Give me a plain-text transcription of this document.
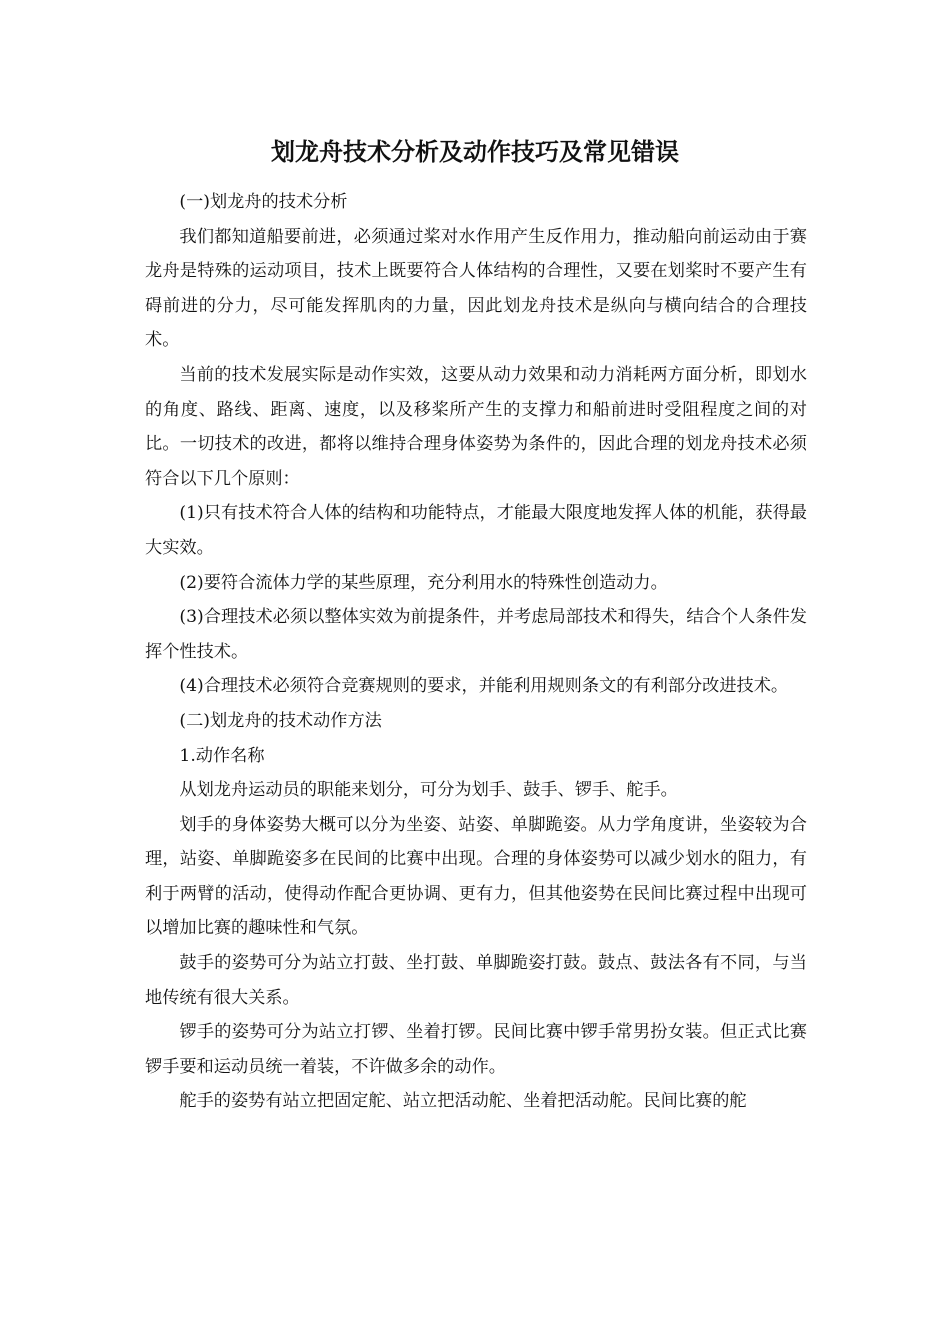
划龙舟技术分析及动作技巧及常见错误

(一)划龙舟的技术分析

我们都知道船要前进，必须通过桨对水作用产生反作用力，推动船向前运动由于赛龙舟是特殊的运动项目，技术上既要符合人体结构的合理性，又要在划桨时不要产生有碍前进的分力，尽可能发挥肌肉的力量，因此划龙舟技术是纵向与横向结合的合理技术。

当前的技术发展实际是动作实效，这要从动力效果和动力消耗两方面分析，即划水的角度、路线、距离、速度，以及移桨所产生的支撑力和船前进时受阻程度之间的对比。一切技术的改进，都将以维持合理身体姿势为条件的，因此合理的划龙舟技术必须符合以下几个原则：

(1)只有技术符合人体的结构和功能特点，才能最大限度地发挥人体的机能，获得最大实效。

(2)要符合流体力学的某些原理，充分利用水的特殊性创造动力。

(3)合理技术必须以整体实效为前提条件，并考虑局部技术和得失，结合个人条件发挥个性技术。

(4)合理技术必须符合竞赛规则的要求，并能利用规则条文的有利部分改进技术。

(二)划龙舟的技术动作方法

1.动作名称

从划龙舟运动员的职能来划分，可分为划手、鼓手、锣手、舵手。

划手的身体姿势大概可以分为坐姿、站姿、单脚跪姿。从力学角度讲，坐姿较为合理，站姿、单脚跪姿多在民间的比赛中出现。合理的身体姿势可以减少划水的阻力，有利于两臂的活动，使得动作配合更协调、更有力，但其他姿势在民间比赛过程中出现可以增加比赛的趣味性和气氛。

鼓手的姿势可分为站立打鼓、坐打鼓、单脚跪姿打鼓。鼓点、鼓法各有不同，与当地传统有很大关系。

锣手的姿势可分为站立打锣、坐着打锣。民间比赛中锣手常男扮女装。但正式比赛锣手要和运动员统一着装，不许做多余的动作。

舵手的姿势有站立把固定舵、站立把活动舵、坐着把活动舵。民间比赛的舵
